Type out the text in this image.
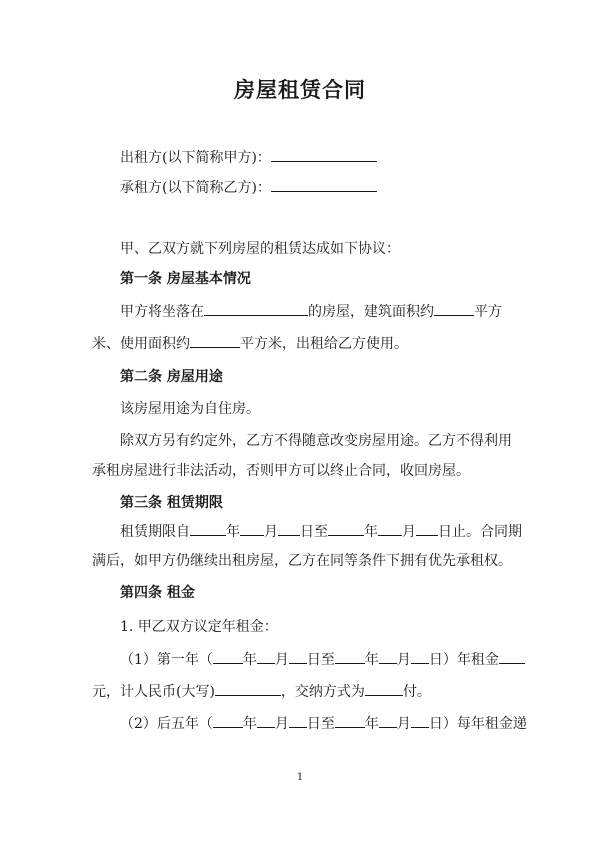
房屋租赁合同
出租方(以下简称甲方)：
承租方(以下简称乙方)：
甲、乙双方就下列房屋的租赁达成如下协议：
第一条 房屋基本情况
甲方将坐落在	的房屋，建筑面积约	平方
米、使用面积约	平方米，出租给乙方使用。
第二条 房屋用途
该房屋用途为自住房。
除双方另有约定外，乙方不得随意改变房屋用途。乙方不得利用
承租房屋进行非法活动，否则甲方可以终止合同，收回房屋。
第三条 租赁期限
租赁期限自	年 月 日至	年 月 日止。合同期
满后，如甲方仍继续出租房屋，乙方在同等条件下拥有优先承租权。
第四条 租金
1. 甲乙双方议定年租金：
（1）第一年（ 年 月 日至 年 月 日）年租金
元，计人民币(大写)	，交纳方式为	付。
（2）后五年（ 年 月 日至 年 月 日）每年租金递
1
